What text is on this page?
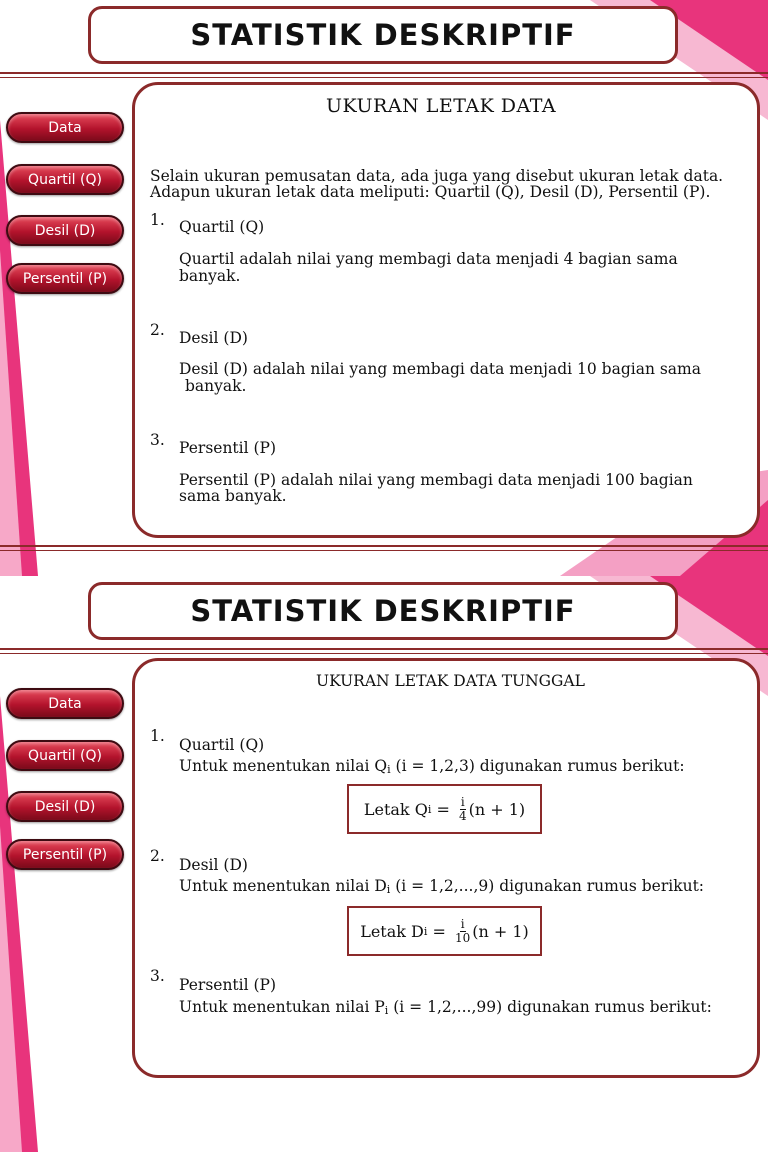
STATISTIK DESKRIPTIF
Data
Quartil (Q)
Desil (D)
Persentil (P)
UKURAN LETAK DATA
Selain ukuran pemusatan data, ada juga yang disebut ukuran letak data.
Adapun ukuran letak data meliputi: Quartil (Q), Desil (D), Persentil (P).
1. Quartil (Q)
Quartil adalah nilai yang membagi data menjadi 4 bagian sama
banyak.
2. Desil (D)
Desil (D) adalah nilai yang membagi data menjadi 10 bagian sama
banyak.
3. Persentil (P)
Persentil (P) adalah nilai yang membagi data menjadi 100 bagian
sama banyak.
STATISTIK DESKRIPTIF
Data
Quartil (Q)
Desil (D)
Persentil (P)
UKURAN LETAK DATA TUNGGAL
1. Quartil (Q)
Untuk menentukan nilai Qi (i = 1,2,3) digunakan rumus berikut:
Letak Q $i = \frac{i}{4} (n + 1)$
2. Desil (D)
Untuk menentukan nilai Di (i = 1,2,...,9) digunakan rumus berikut:
Letak D $i = \frac{i}{10} (n + 1)$
3. Persentil (P)
Untuk menentukan nilai Pi (i = 1,2,...,99) digunakan rumus berikut:
